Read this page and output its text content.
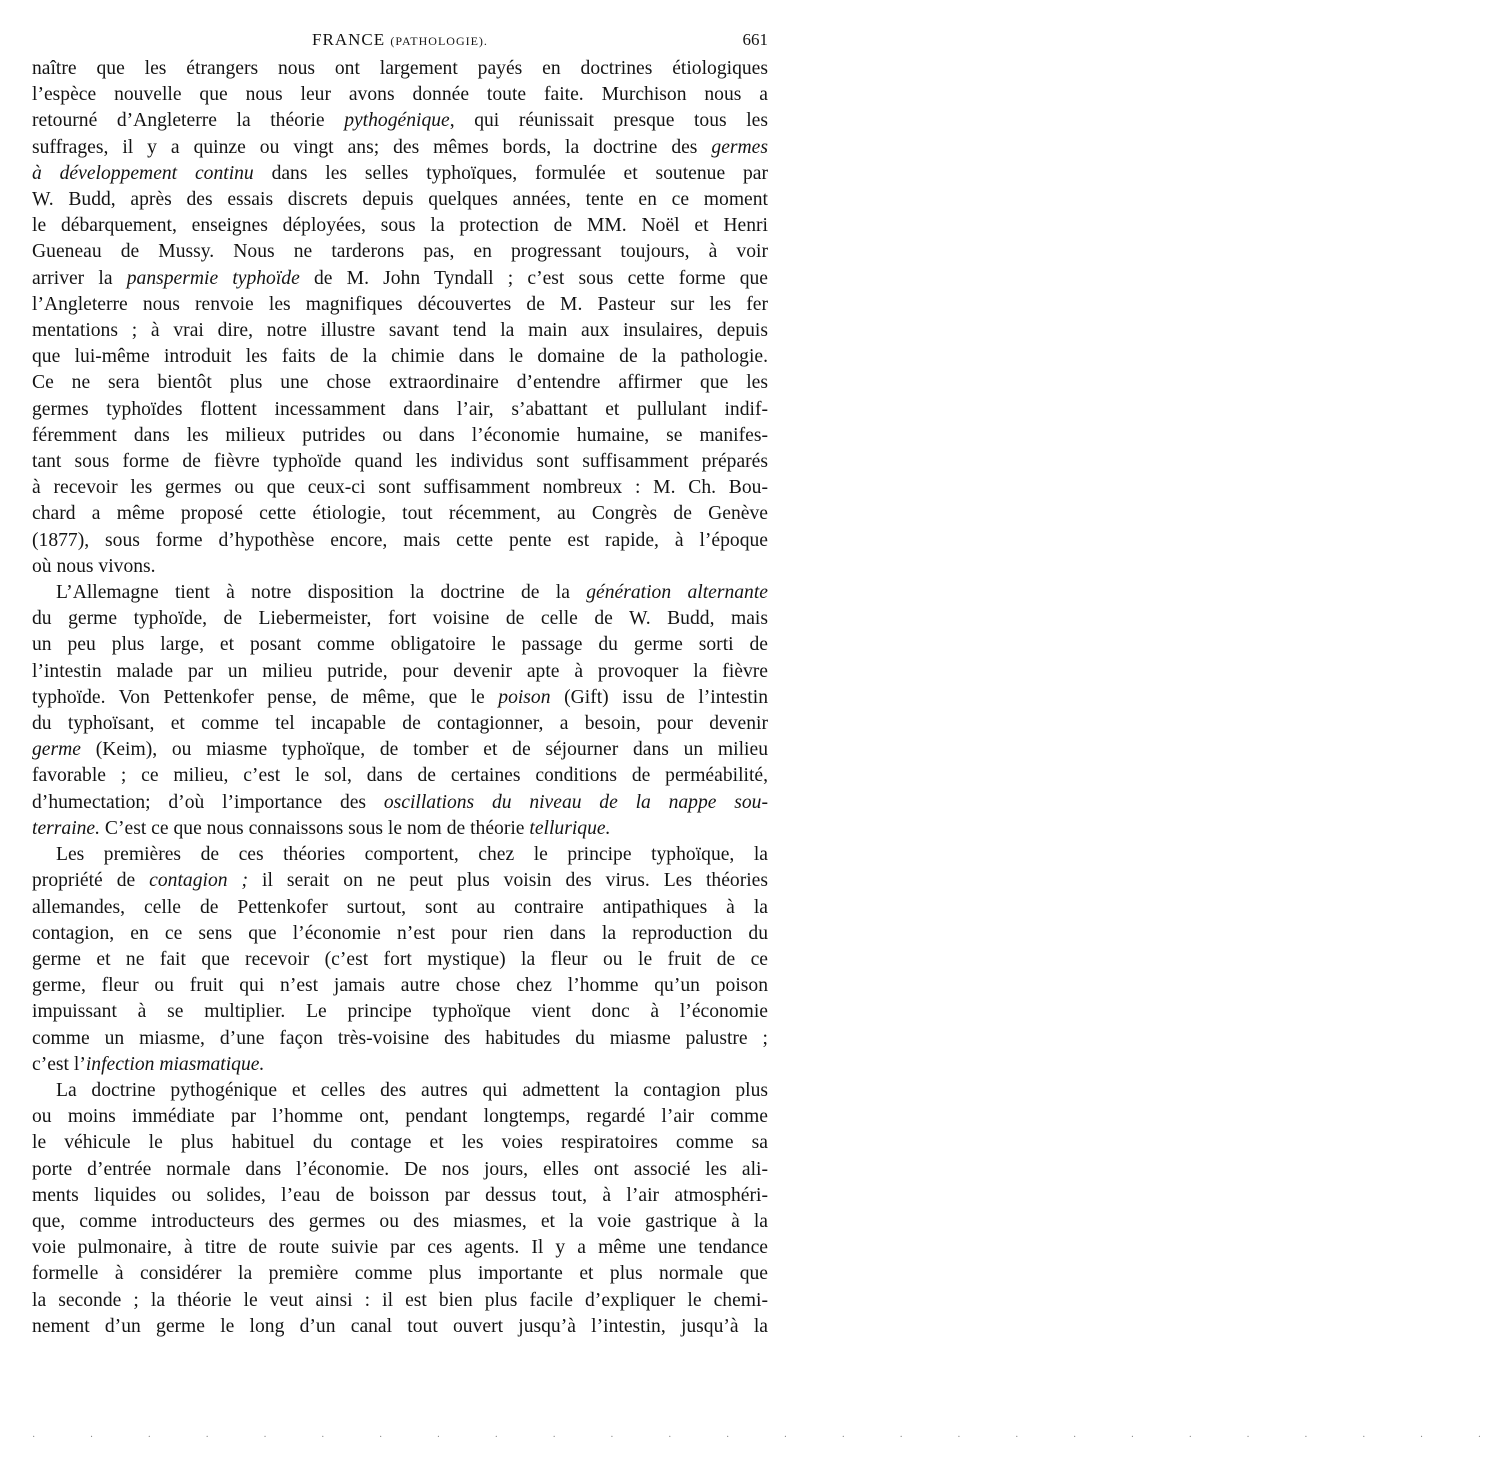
FRANCE (PATHOLOGIE).	661
naître que les étrangers nous ont largement payés en doctrines étiologiques
l’espèce nouvelle que nous leur avons donnée toute faite. Murchison nous a
retourné d’Angleterre la théorie pythogénique, qui réunissait presque tous les
suffrages, il y a quinze ou vingt ans; des mêmes bords, la doctrine des germes
à développement continu dans les selles typhoïques, formulée et soutenue par
W. Budd, après des essais discrets depuis quelques années, tente en ce moment
le débarquement, enseignes déployées, sous la protection de MM. Noël et Henri
Gueneau de Mussy. Nous ne tarderons pas, en progressant toujours, à voir
arriver la panspermie typhoïde de M. John Tyndall ; c’est sous cette forme que
l’Angleterre nous renvoie les magnifiques découvertes de M. Pasteur sur les fer
mentations ; à vrai dire, notre illustre savant tend la main aux insulaires, depuis
que lui-même introduit les faits de la chimie dans le domaine de la pathologie.
Ce ne sera bientôt plus une chose extraordinaire d’entendre affirmer que les
germes typhoïdes flottent incessamment dans l’air, s’abattant et pullulant indif-
féremment dans les milieux putrides ou dans l’économie humaine, se manifes-
tant sous forme de fièvre typhoïde quand les individus sont suffisamment préparés
à recevoir les germes ou que ceux-ci sont suffisamment nombreux : M. Ch. Bou-
chard a même proposé cette étiologie, tout récemment, au Congrès de Genève
(1877), sous forme d’hypothèse encore, mais cette pente est rapide, à l’époque
où nous vivons.
L’Allemagne tient à notre disposition la doctrine de la génération alternante
du germe typhoïde, de Liebermeister, fort voisine de celle de W. Budd, mais
un peu plus large, et posant comme obligatoire le passage du germe sorti de
l’intestin malade par un milieu putride, pour devenir apte à provoquer la fièvre
typhoïde. Von Pettenkofer pense, de même, que le poison (Gift) issu de l’intestin
du typhoïsant, et comme tel incapable de contagionner, a besoin, pour devenir
germe (Keim), ou miasme typhoïque, de tomber et de séjourner dans un milieu
favorable ; ce milieu, c’est le sol, dans de certaines conditions de perméabilité,
d’humectation; d’où l’importance des oscillations du niveau de la nappe sou-
terraine. C’est ce que nous connaissons sous le nom de théorie tellurique.
Les premières de ces théories comportent, chez le principe typhoïque, la
propriété de contagion ; il serait on ne peut plus voisin des virus. Les théories
allemandes, celle de Pettenkofer surtout, sont au contraire antipathiques à la
contagion, en ce sens que l’économie n’est pour rien dans la reproduction du
germe et ne fait que recevoir (c’est fort mystique) la fleur ou le fruit de ce
germe, fleur ou fruit qui n’est jamais autre chose chez l’homme qu’un poison
impuissant à se multiplier. Le principe typhoïque vient donc à l’économie
comme un miasme, d’une façon très-voisine des habitudes du miasme palustre ;
c’est l’infection miasmatique.
La doctrine pythogénique et celles des autres qui admettent la contagion plus
ou moins immédiate par l’homme ont, pendant longtemps, regardé l’air comme
le véhicule le plus habituel du contage et les voies respiratoires comme sa
porte d’entrée normale dans l’économie. De nos jours, elles ont associé les ali-
ments liquides ou solides, l’eau de boisson par dessus tout, à l’air atmosphéri-
que, comme introducteurs des germes ou des miasmes, et la voie gastrique à la
voie pulmonaire, à titre de route suivie par ces agents. Il y a même une tendance
formelle à considérer la première comme plus importante et plus normale que
la seconde ; la théorie le veut ainsi : il est bien plus facile d’expliquer le chemi-
nement d’un germe le long d’un canal tout ouvert jusqu’à l’intestin, jusqu’à la
· · · · · · · · · · · · · · · · · · · · · · · · · ·
